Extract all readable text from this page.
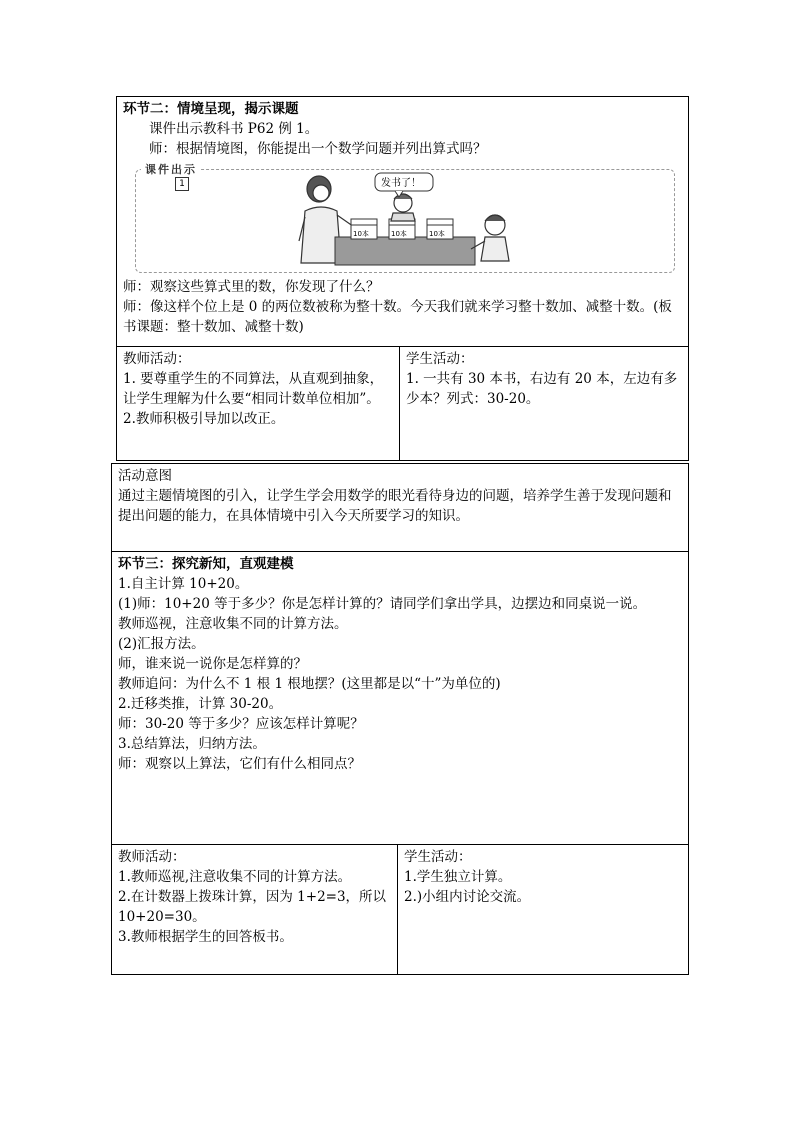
环节二：情境呈现，揭示课题

课件出示教科书 P62 例 1。

师：根据情境图，你能提出一个数学问题并列出算式吗？

课件出示
1
10本	10本	10本
发书了！

师：观察这些算式里的数，你发现了什么？

师：像这样个位上是 0 的两位数被称为整十数。今天我们就来学习整十数加、减整十数。(板书课题：整十数加、减整十数)

教师活动：

1. 要尊重学生的不同算法，从直观到抽象，让学生理解为什么要“相同计数单位相加”。

2.教师积极引导加以改正。

学生活动：

1. 一共有 30 本书，右边有 20 本，左边有多少本？列式：30-20。

活动意图

通过主题情境图的引入，让学生学会用数学的眼光看待身边的问题，培养学生善于发现问题和提出问题的能力，在具体情境中引入今天所要学习的知识。

环节三：探究新知，直观建模

1.自主计算 10+20。

(1)师：10+20 等于多少？你是怎样计算的？请同学们拿出学具，边摆边和同桌说一说。

教师巡视，注意收集不同的计算方法。

(2)汇报方法。

师，谁来说一说你是怎样算的？

教师追问：为什么不 1 根 1 根地摆？(这里都是以“十”为单位的)

2.迁移类推，计算 30-20。

师：30-20 等于多少？应该怎样计算呢？

3.总结算法，归纳方法。

师：观察以上算法，它们有什么相同点？

教师活动：

1.教师巡视,注意收集不同的计算方法。

2.在计数器上拨珠计算，因为 1+2=3，所以 10+20=30。

3.教师根据学生的回答板书。

学生活动：

1.学生独立计算。

2.)小组内讨论交流。
